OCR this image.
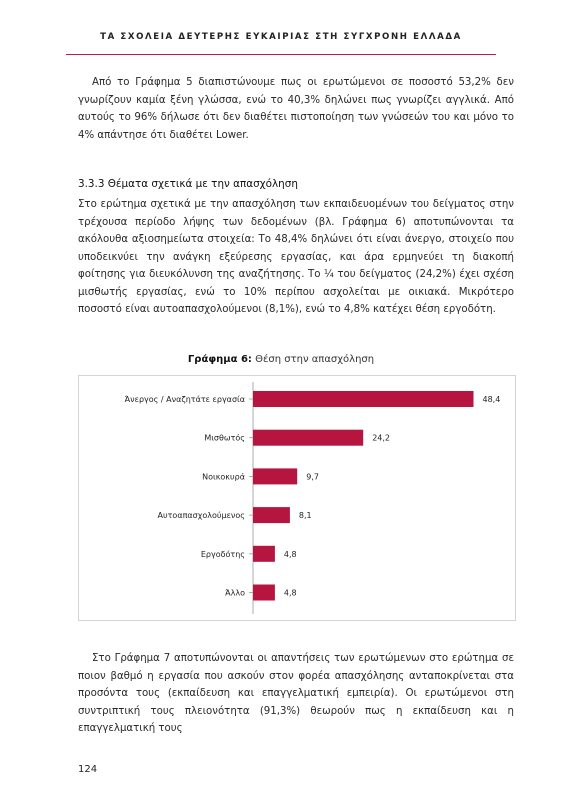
ΤΑ ΣΧΟΛΕΙΑ ΔΕΥΤΕΡΗΣ ΕΥΚΑΙΡΙΑΣ ΣΤΗ ΣΥΓΧΡΟΝΗ ΕΛΛΑΔΑ

Από το Γράφημα 5 διαπιστώνουμε πως οι ερωτώμενοι σε ποσοστό 53,2% δεν γνωρίζουν καμία ξένη γλώσσα, ενώ το 40,3% δηλώνει πως γνωρίζει αγγλικά. Από αυτούς το 96% δήλωσε ότι δεν διαθέτει πιστοποίηση των γνώσεών του και μόνο το 4% απάντησε ότι διαθέτει Lower.

3.3.3 Θέματα σχετικά με την απασχόληση

Στο ερώτημα σχετικά με την απασχόληση των εκπαιδευομένων του δείγματος στην τρέχουσα περίοδο λήψης των δεδομένων (βλ. Γράφημα 6) αποτυπώνονται τα ακόλουθα αξιοσημείωτα στοιχεία: Το 48,4% δηλώνει ότι είναι άνεργο, στοιχείο που υποδεικνύει την ανάγκη εξεύρεσης εργασίας, και άρα ερμηνεύει τη διακοπή φοίτησης για διευκόλυνση της αναζήτησης. Το ¼ του δείγματος (24,2%) έχει σχέση μισθωτής εργασίας, ενώ το 10% περίπου ασχολείται με οικιακά. Μικρότερο ποσοστό είναι αυτοαπασχολούμενοι (8,1%), ενώ το 4,8% κατέχει θέση εργοδότη.

Γράφημα 6: Θέση στην απασχόληση
Άνεργος / Αναζητάτε εργασία	48,4
Μισθωτός	24,2
Νοικοκυρά	9,7
Αυτοαπασχολούμενος	8,1
Εργοδότης	4,8
Άλλο	4,8

Στο Γράφημα 7 αποτυπώνονται οι απαντήσεις των ερωτώμενων στο ερώτημα σε ποιον βαθμό η εργασία που ασκούν στον φορέα απασχόλησης ανταποκρίνεται στα προσόντα τους (εκπαίδευση και επαγγελματική εμπειρία). Οι ερωτώμενοι στη συντριπτική τους πλειονότητα (91,3%) θεωρούν πως η εκπαίδευση και η επαγγελματική τους

124
